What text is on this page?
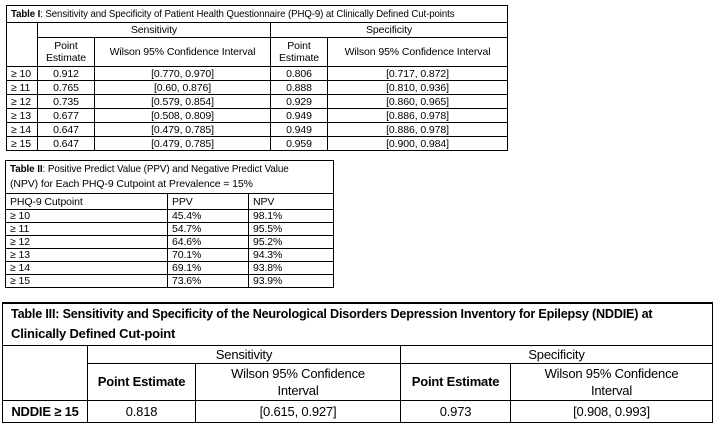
Table I: Sensitivity and Specificity of Patient Health Questionnaire (PHQ-9) at Clinically Defined Cut-points				
	Sensitivity		Specificity	
	Point Estimate	Wilson 95% Confidence Interval	Point Estimate	Wilson 95% Confidence Interval
≥ 10	0.912	[0.770, 0.970]	0.806	[0.717, 0.872]
≥ 11	0.765	[0.60, 0.876]	0.888	[0.810, 0.936]
≥ 12	0.735	[0.579, 0.854]	0.929	[0.860, 0.965]
≥ 13	0.677	[0.508, 0.809]	0.949	[0.886, 0.978]
≥ 14	0.647	[0.479, 0.785]	0.949	[0.886, 0.978]
≥ 15	0.647	[0.479, 0.785]	0.959	[0.900, 0.984]
Table II: Positive Predict Value (PPV) and Negative Predict Value
(NPV) for Each PHQ-9 Cutpoint at Prevalence = 15%		

PHQ-9 Cutpoint	PPV	NPV
≥ 10	45.4%	98.1%
≥ 11	54.7%	95.5%
≥ 12	64.6%	95.2%
≥ 13	70.1%	94.3%
≥ 14	69.1%	93.8%
≥ 15	73.6%	93.9%
Table III: Sensitivity and Specificity of the Neurological Disorders Depression Inventory for Epilepsy (NDDIE) at
Clinically Defined Cut-point				

	Sensitivity		Specificity	
	Point Estimate	Wilson 95% Confidence Interval	Point Estimate	Wilson 95% Confidence Interval
NDDIE ≥ 15	0.818	[0.615, 0.927]	0.973	[0.908, 0.993]
